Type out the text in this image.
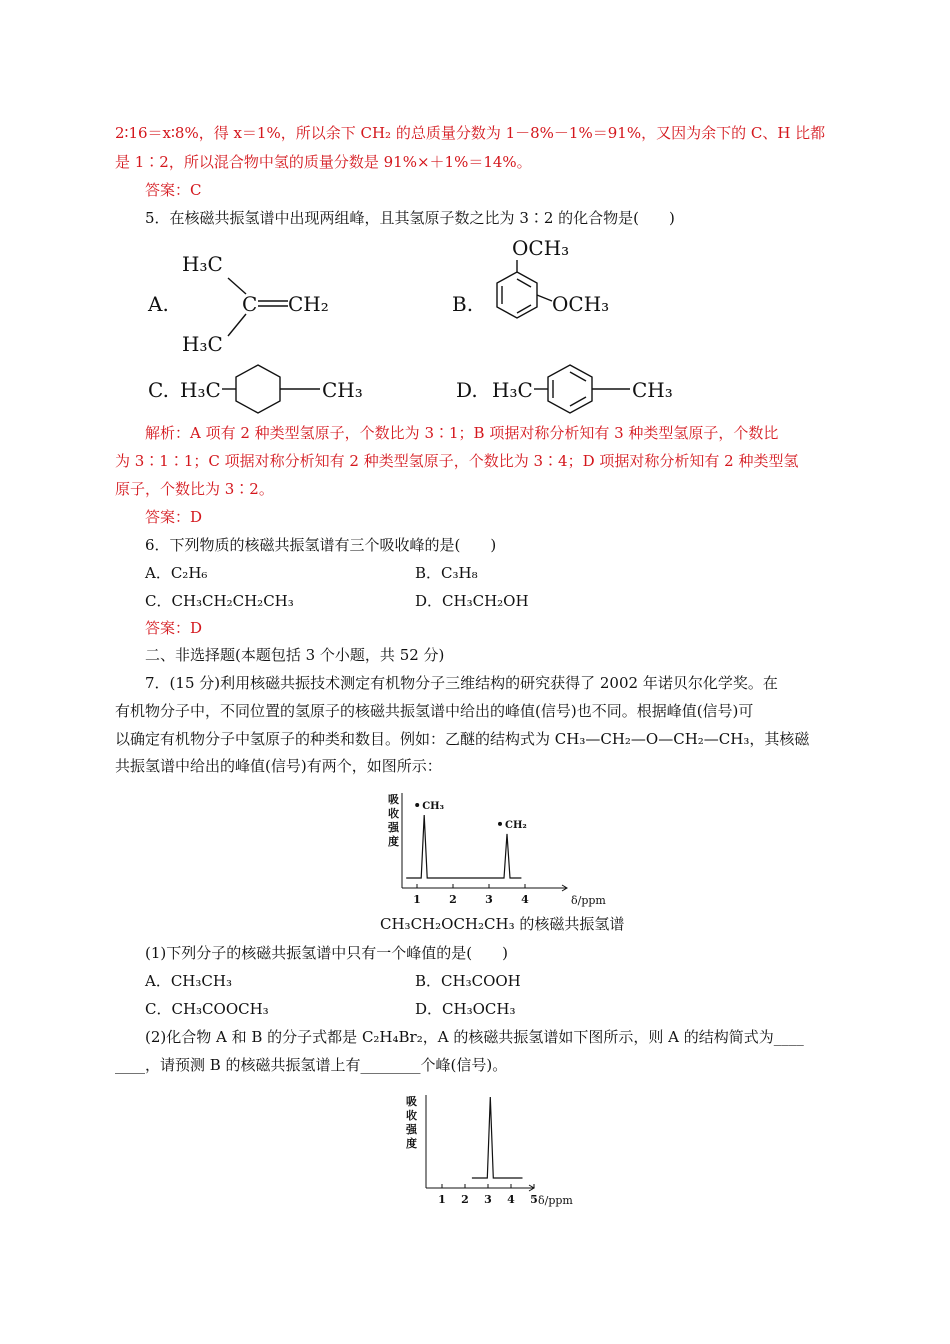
2∶16＝x∶8%，得 x＝1%，所以余下 CH₂ 的总质量分数为 1－8%－1%＝91%，又因为余下的 C、H 比都
是 1∶2，所以混合物中氢的质量分数是 91%×＋1%＝14%。
答案：C
5．在核磁共振氢谱中出现两组峰，且其氢原子数之比为 3∶2 的化合物是(　　)
A.
H₃C
C CH₂
H₃C
B.
OCH₃
OCH₃
C. H₃C	CH₃	D. H₃C	CH₃
解析：A 项有 2 种类型氢原子，个数比为 3∶1；B 项据对称分析知有 3 种类型氢原子，个数比
为 3∶1∶1；C 项据对称分析知有 2 种类型氢原子，个数比为 3∶4；D 项据对称分析知有 2 种类型氢
原子，个数比为 3∶2。
答案：D
6．下列物质的核磁共振氢谱有三个吸收峰的是(　　)
A．C₂H₆	B．C₃H₈
C．CH₃CH₂CH₂CH₃	D．CH₃CH₂OH
答案：D
二、非选择题(本题包括 3 个小题，共 52 分)
7．(15 分)利用核磁共振技术测定有机物分子三维结构的研究获得了 2002 年诺贝尔化学奖。在
有机物分子中，不同位置的氢原子的核磁共振氢谱中给出的峰值(信号)也不同。根据峰值(信号)可
以确定有机物分子中氢原子的种类和数目。例如：乙醚的结构式为 CH₃—CH₂—O—CH₂—CH₃，其核磁
共振氢谱中给出的峰值(信号)有两个，如图所示：
吸收强度
1	2	3	4	δ/ppm
CH₃
CH₂
CH₃CH₂OCH₂CH₃ 的核磁共振氢谱
(1)下列分子的核磁共振氢谱中只有一个峰值的是(　　)
A．CH₃CH₃	B．CH₃COOH
C．CH₃COOCH₃	D．CH₃OCH₃
(2)化合物 A 和 B 的分子式都是 C₂H₄Br₂，A 的核磁共振氢谱如下图所示，则 A 的结构简式为____
____，请预测 B 的核磁共振氢谱上有________个峰(信号)。
吸收强度
1 2 3 4 5 δ/ppm
